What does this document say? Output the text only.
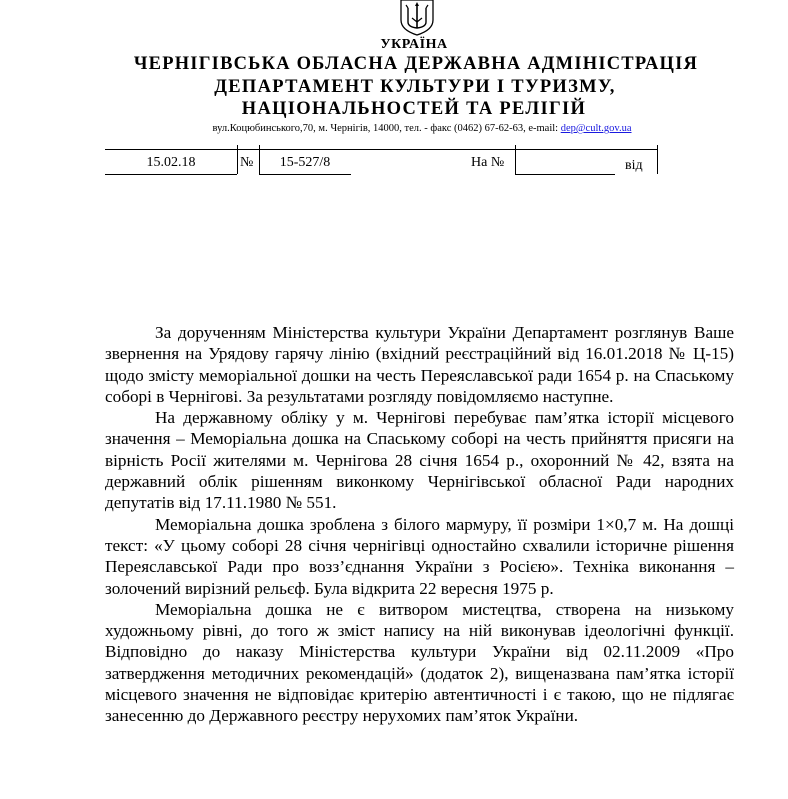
УКРАЇНА
ЧЕРНІГІВСЬКА ОБЛАСНА ДЕРЖАВНА АДМІНІСТРАЦІЯ
ДЕПАРТАМЕНТ КУЛЬТУРИ І ТУРИЗМУ,
НАЦІОНАЛЬНОСТЕЙ ТА РЕЛІГІЙ
вул.Коцюбинського,70, м. Чернігів, 14000, тел. - факс (0462) 67-62-63, e-mail: dep@cult.gov.ua
15.02.18	№	15-527/8	На №	від

За дорученням Міністерства культури України Департамент розглянув Ваше звернення на Урядову гарячу лінію (вхідний реєстраційний від 16.01.2018 № Ц-15) щодо змісту меморіальної дошки на честь Переяславської ради 1654 р. на Спаському соборі в Чернігові. За результатами розгляду повідомляємо наступне.

На державному обліку у м. Чернігові перебуває пам’ятка історії місцевого значення – Меморіальна дошка на Спаському соборі на честь прийняття присяги на вірність Росії жителями м. Чернігова 28 січня 1654 р., охоронний № 42, взята на державний облік рішенням виконкому Чернігівської обласної Ради народних депутатів від 17.11.1980 № 551.

Меморіальна дошка зроблена з білого мармуру, її розміри 1×0,7 м. На дошці текст: «У цьому соборі 28 січня чернігівці одностайно схвалили історичне рішення Переяславської Ради про возз’єднання України з Росією». Техніка виконання – золочений вирізний рельєф. Була відкрита 22 вересня 1975 р.

Меморіальна дошка не є витвором мистецтва, створена на низькому художньому рівні, до того ж зміст напису на ній виконував ідеологічні функції. Відповідно до наказу Міністерства культури України від 02.11.2009 «Про затвердження методичних рекомендацій» (додаток 2), вищеназвана пам’ятка історії місцевого значення не відповідає критерію автентичності і є такою, що не підлягає занесенню до Державного реєстру нерухомих пам’яток України.
